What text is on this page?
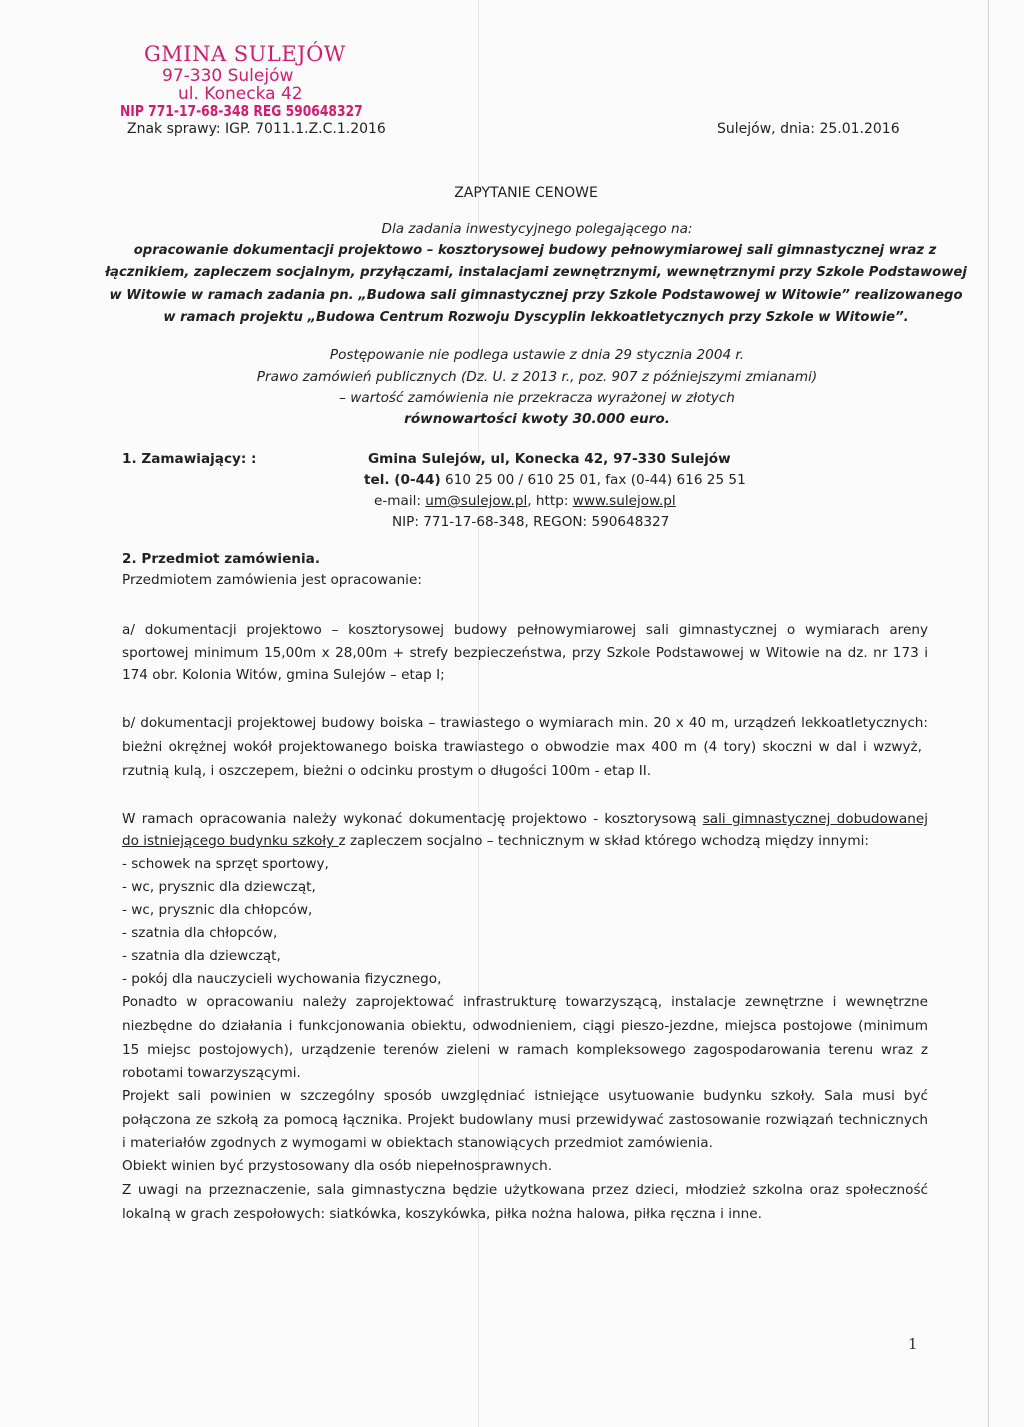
GMINA SULEJÓW
97-330 Sulejów
ul. Konecka 42
NIP 771-17-68-348 REG 590648327
Znak sprawy: IGP. 7011.1.Z.C.1.2016	Sulejów, dnia: 25.01.2016
ZAPYTANIE CENOWE
Dla zadania inwestycyjnego polegającego na:
opracowanie dokumentacji projektowo – kosztorysowej budowy pełnowymiarowej sali gimnastycznej wraz z
łącznikiem, zapleczem socjalnym, przyłączami, instalacjami zewnętrznymi, wewnętrznymi przy Szkole Podstawowej
w Witowie w ramach zadania pn. „Budowa sali gimnastycznej przy Szkole Podstawowej w Witowie” realizowanego
w ramach projektu „Budowa Centrum Rozwoju Dyscyplin lekkoatletycznych przy Szkole w Witowie”.
Postępowanie nie podlega ustawie z dnia 29 stycznia 2004 r.
Prawo zamówień publicznych (Dz. U. z 2013 r., poz. 907 z późniejszymi zmianami)
– wartość zamówienia nie przekracza wyrażonej w złotych
równowartości kwoty 30.000 euro.
1. Zamawiający: :	Gmina Sulejów, ul, Konecka 42, 97-330 Sulejów
tel. (0-44) 610 25 00 / 610 25 01, fax (0-44) 616 25 51
e-mail: um@sulejow.pl, http: www.sulejow.pl
NIP: 771-17-68-348, REGON: 590648327
2. Przedmiot zamówienia.
Przedmiotem zamówienia jest opracowanie:
a/ dokumentacji projektowo – kosztorysowej budowy pełnowymiarowej sali gimnastycznej o wymiarach areny
sportowej minimum 15,00m x 28,00m + strefy bezpieczeństwa, przy Szkole Podstawowej w Witowie na dz. nr 173 i
174 obr. Kolonia Witów, gmina Sulejów – etap I;
b/ dokumentacji projektowej budowy boiska – trawiastego o wymiarach min. 20 x 40 m, urządzeń lekkoatletycznych:
bieżni okrężnej wokół projektowanego boiska trawiastego o obwodzie max 400 m (4 tory) skoczni w dal i wzwyż,
rzutnią kulą, i oszczepem, bieżni o odcinku prostym o długości 100m - etap II.
W ramach opracowania należy wykonać dokumentację projektowo - kosztorysową sali gimnastycznej dobudowanej
do istniejącego budynku szkoły z zapleczem socjalno – technicznym w skład którego wchodzą między innymi:
- schowek na sprzęt sportowy,
- wc, prysznic dla dziewcząt,
- wc, prysznic dla chłopców,
- szatnia dla chłopców,
- szatnia dla dziewcząt,
- pokój dla nauczycieli wychowania fizycznego,
Ponadto w opracowaniu należy zaprojektować infrastrukturę towarzyszącą, instalacje zewnętrzne i wewnętrzne
niezbędne do działania i funkcjonowania obiektu, odwodnieniem, ciągi pieszo-jezdne, miejsca postojowe (minimum
15 miejsc postojowych), urządzenie terenów zieleni w ramach kompleksowego zagospodarowania terenu wraz z
robotami towarzyszącymi.
Projekt sali powinien w szczególny sposób uwzględniać istniejące usytuowanie budynku szkoły. Sala musi być
połączona ze szkołą za pomocą łącznika. Projekt budowlany musi przewidywać zastosowanie rozwiązań technicznych
i materiałów zgodnych z wymogami w obiektach stanowiących przedmiot zamówienia.
Obiekt winien być przystosowany dla osób niepełnosprawnych.
Z uwagi na przeznaczenie, sala gimnastyczna będzie użytkowana przez dzieci, młodzież szkolna oraz społeczność
lokalną w grach zespołowych: siatkówka, koszykówka, piłka nożna halowa, piłka ręczna i inne.
1
